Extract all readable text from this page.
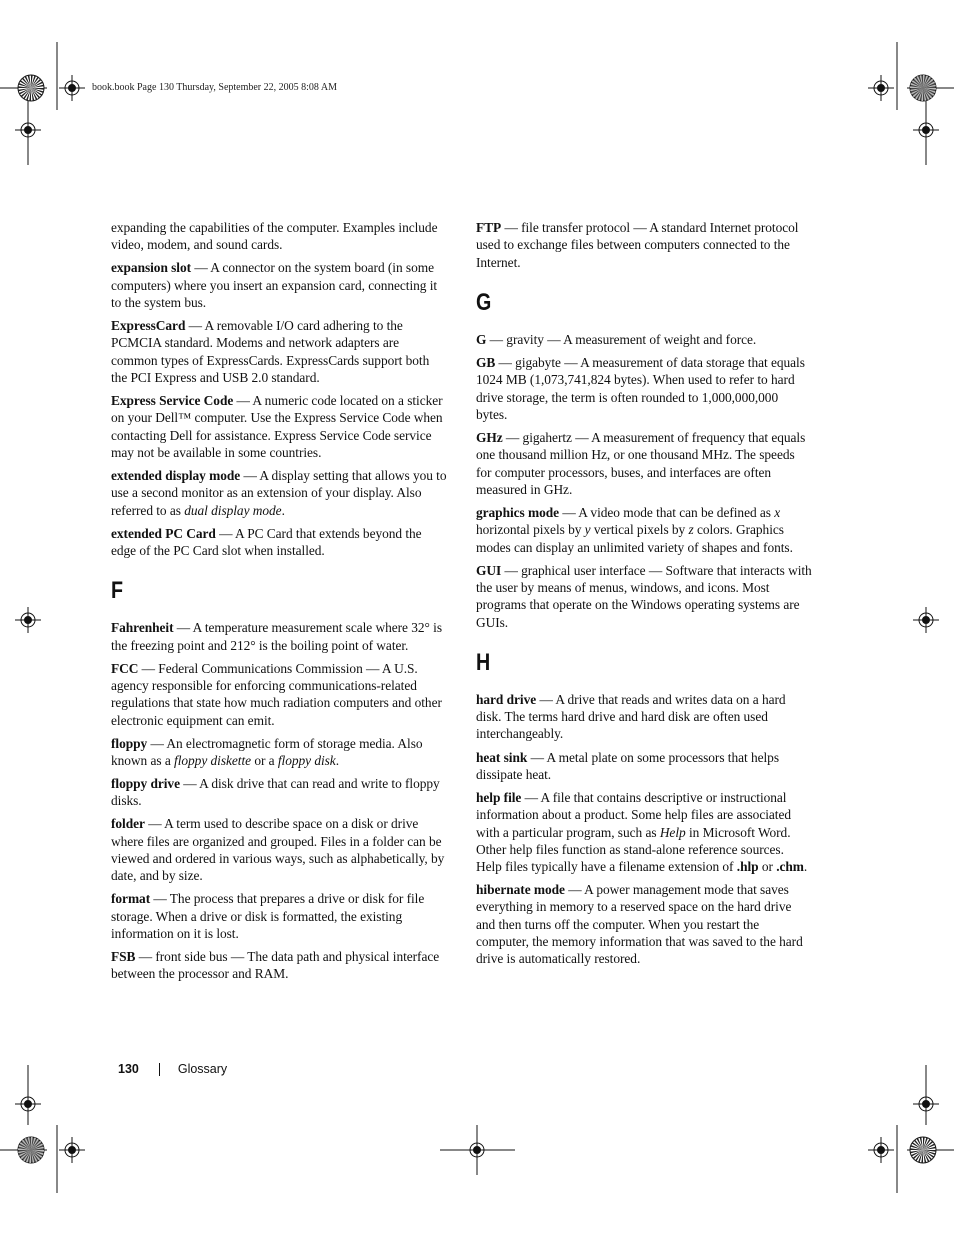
book.book Page 130 Thursday, September 22, 2005 8:08 AM

expanding the capabilities of the computer. Examples include video, modem, and sound cards.

expansion slot — A connector on the system board (in some computers) where you insert an expansion card, connecting it to the system bus.

ExpressCard — A removable I/O card adhering to the PCMCIA standard. Modems and network adapters are common types of ExpressCards. ExpressCards support both the PCI Express and USB 2.0 standard.

Express Service Code — A numeric code located on a sticker on your Dell™ computer. Use the Express Service Code when contacting Dell for assistance. Express Service Code service may not be available in some countries.

extended display mode — A display setting that allows you to use a second monitor as an extension of your display. Also referred to as dual display mode.

extended PC Card — A PC Card that extends beyond the edge of the PC Card slot when installed.

F

Fahrenheit — A temperature measurement scale where 32° is the freezing point and 212° is the boiling point of water.

FCC — Federal Communications Commission — A U.S. agency responsible for enforcing communications-related regulations that state how much radiation computers and other electronic equipment can emit.

floppy — An electromagnetic form of storage media. Also known as a floppy diskette or a floppy disk.

floppy drive — A disk drive that can read and write to floppy disks.

folder — A term used to describe space on a disk or drive where files are organized and grouped. Files in a folder can be viewed and ordered in various ways, such as alphabetically, by date, and by size.

format — The process that prepares a drive or disk for file storage. When a drive or disk is formatted, the existing information on it is lost.

FSB — front side bus — The data path and physical interface between the processor and RAM.

FTP — file transfer protocol — A standard Internet protocol used to exchange files between computers connected to the Internet.

G

G — gravity — A measurement of weight and force.

GB — gigabyte — A measurement of data storage that equals 1024 MB (1,073,741,824 bytes). When used to refer to hard drive storage, the term is often rounded to 1,000,000,000 bytes.

GHz — gigahertz — A measurement of frequency that equals one thousand million Hz, or one thousand MHz. The speeds for computer processors, buses, and interfaces are often measured in GHz.

graphics mode — A video mode that can be defined as x horizontal pixels by y vertical pixels by z colors. Graphics modes can display an unlimited variety of shapes and fonts.

GUI — graphical user interface — Software that interacts with the user by means of menus, windows, and icons. Most programs that operate on the Windows operating systems are GUIs.

H

hard drive — A drive that reads and writes data on a hard disk. The terms hard drive and hard disk are often used interchangeably.

heat sink — A metal plate on some processors that helps dissipate heat.

help file — A file that contains descriptive or instructional information about a product. Some help files are associated with a particular program, such as Help in Microsoft Word. Other help files function as stand-alone reference sources. Help files typically have a filename extension of .hlp or .chm.

hibernate mode — A power management mode that saves everything in memory to a reserved space on the hard drive and then turns off the computer. When you restart the computer, the memory information that was saved to the hard drive is automatically restored.

130	Glossary
